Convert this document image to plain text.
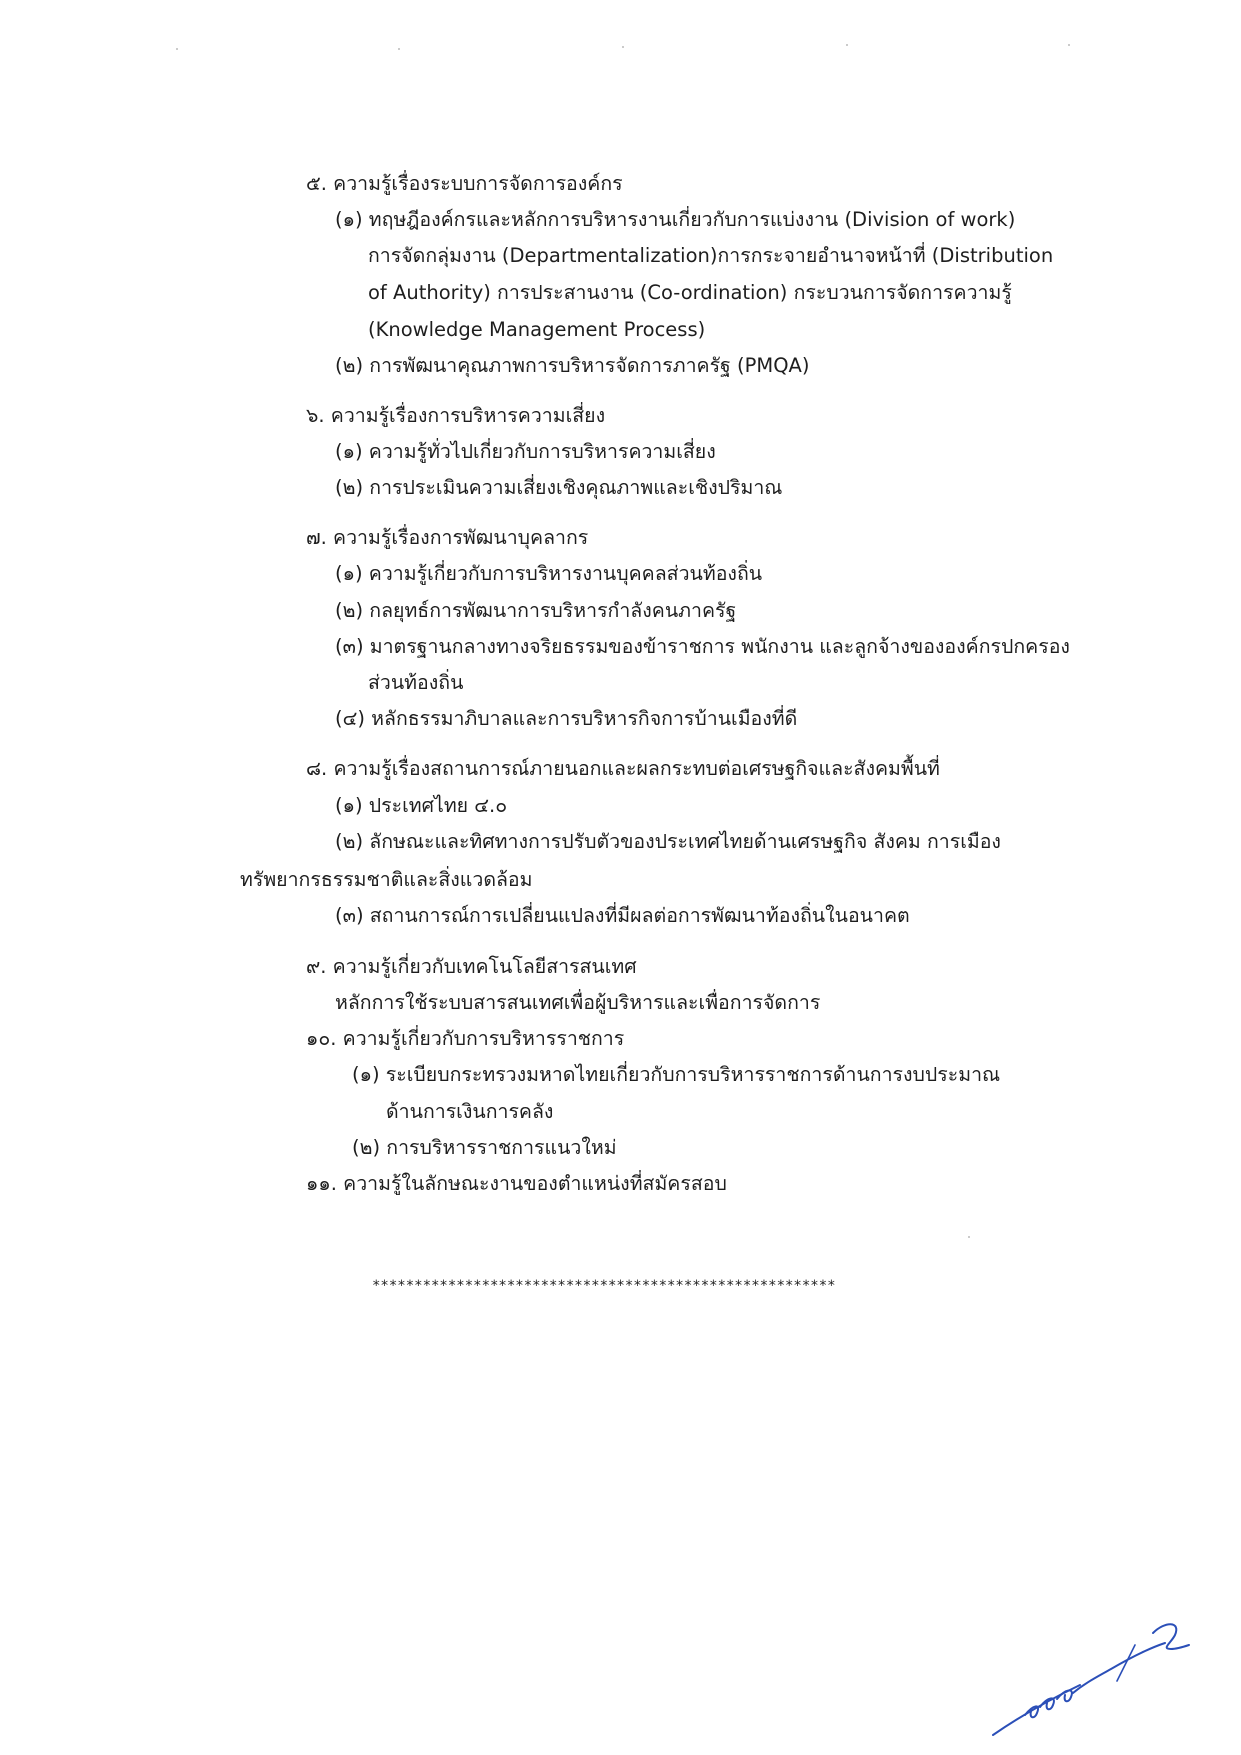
๕. ความรู้เรื่องระบบการจัดการองค์กร
(๑) ทฤษฎีองค์กรและหลักการบริหารงานเกี่ยวกับการแบ่งงาน (Division of work)
การจัดกลุ่มงาน (Departmentalization)การกระจายอำนาจหน้าที่ (Distribution
of Authority) การประสานงาน (Co-ordination) กระบวนการจัดการความรู้
(Knowledge Management Process)
(๒) การพัฒนาคุณภาพการบริหารจัดการภาครัฐ (PMQA)
๖. ความรู้เรื่องการบริหารความเสี่ยง
(๑) ความรู้ทั่วไปเกี่ยวกับการบริหารความเสี่ยง
(๒) การประเมินความเสี่ยงเชิงคุณภาพและเชิงปริมาณ
๗. ความรู้เรื่องการพัฒนาบุคลากร
(๑) ความรู้เกี่ยวกับการบริหารงานบุคคลส่วนท้องถิ่น
(๒) กลยุทธ์การพัฒนาการบริหารกำลังคนภาครัฐ
(๓) มาตรฐานกลางทางจริยธรรมของข้าราชการ พนักงาน และลูกจ้างขององค์กรปกครอง
ส่วนท้องถิ่น
(๔) หลักธรรมาภิบาลและการบริหารกิจการบ้านเมืองที่ดี
๘. ความรู้เรื่องสถานการณ์ภายนอกและผลกระทบต่อเศรษฐกิจและสังคมพื้นที่
(๑) ประเทศไทย ๔.๐
(๒) ลักษณะและทิศทางการปรับตัวของประเทศไทยด้านเศรษฐกิจ สังคม การเมือง
ทรัพยากรธรรมชาติและสิ่งแวดล้อม
(๓) สถานการณ์การเปลี่ยนแปลงที่มีผลต่อการพัฒนาท้องถิ่นในอนาคต
๙. ความรู้เกี่ยวกับเทคโนโลยีสารสนเทศ
หลักการใช้ระบบสารสนเทศเพื่อผู้บริหารและเพื่อการจัดการ
๑๐. ความรู้เกี่ยวกับการบริหารราชการ
(๑) ระเบียบกระทรวงมหาดไทยเกี่ยวกับการบริหารราชการด้านการงบประมาณ
ด้านการเงินการคลัง
(๒) การบริหารราชการแนวใหม่
๑๑. ความรู้ในลักษณะงานของตำแหน่งที่สมัครสอบ
*******************************************************
